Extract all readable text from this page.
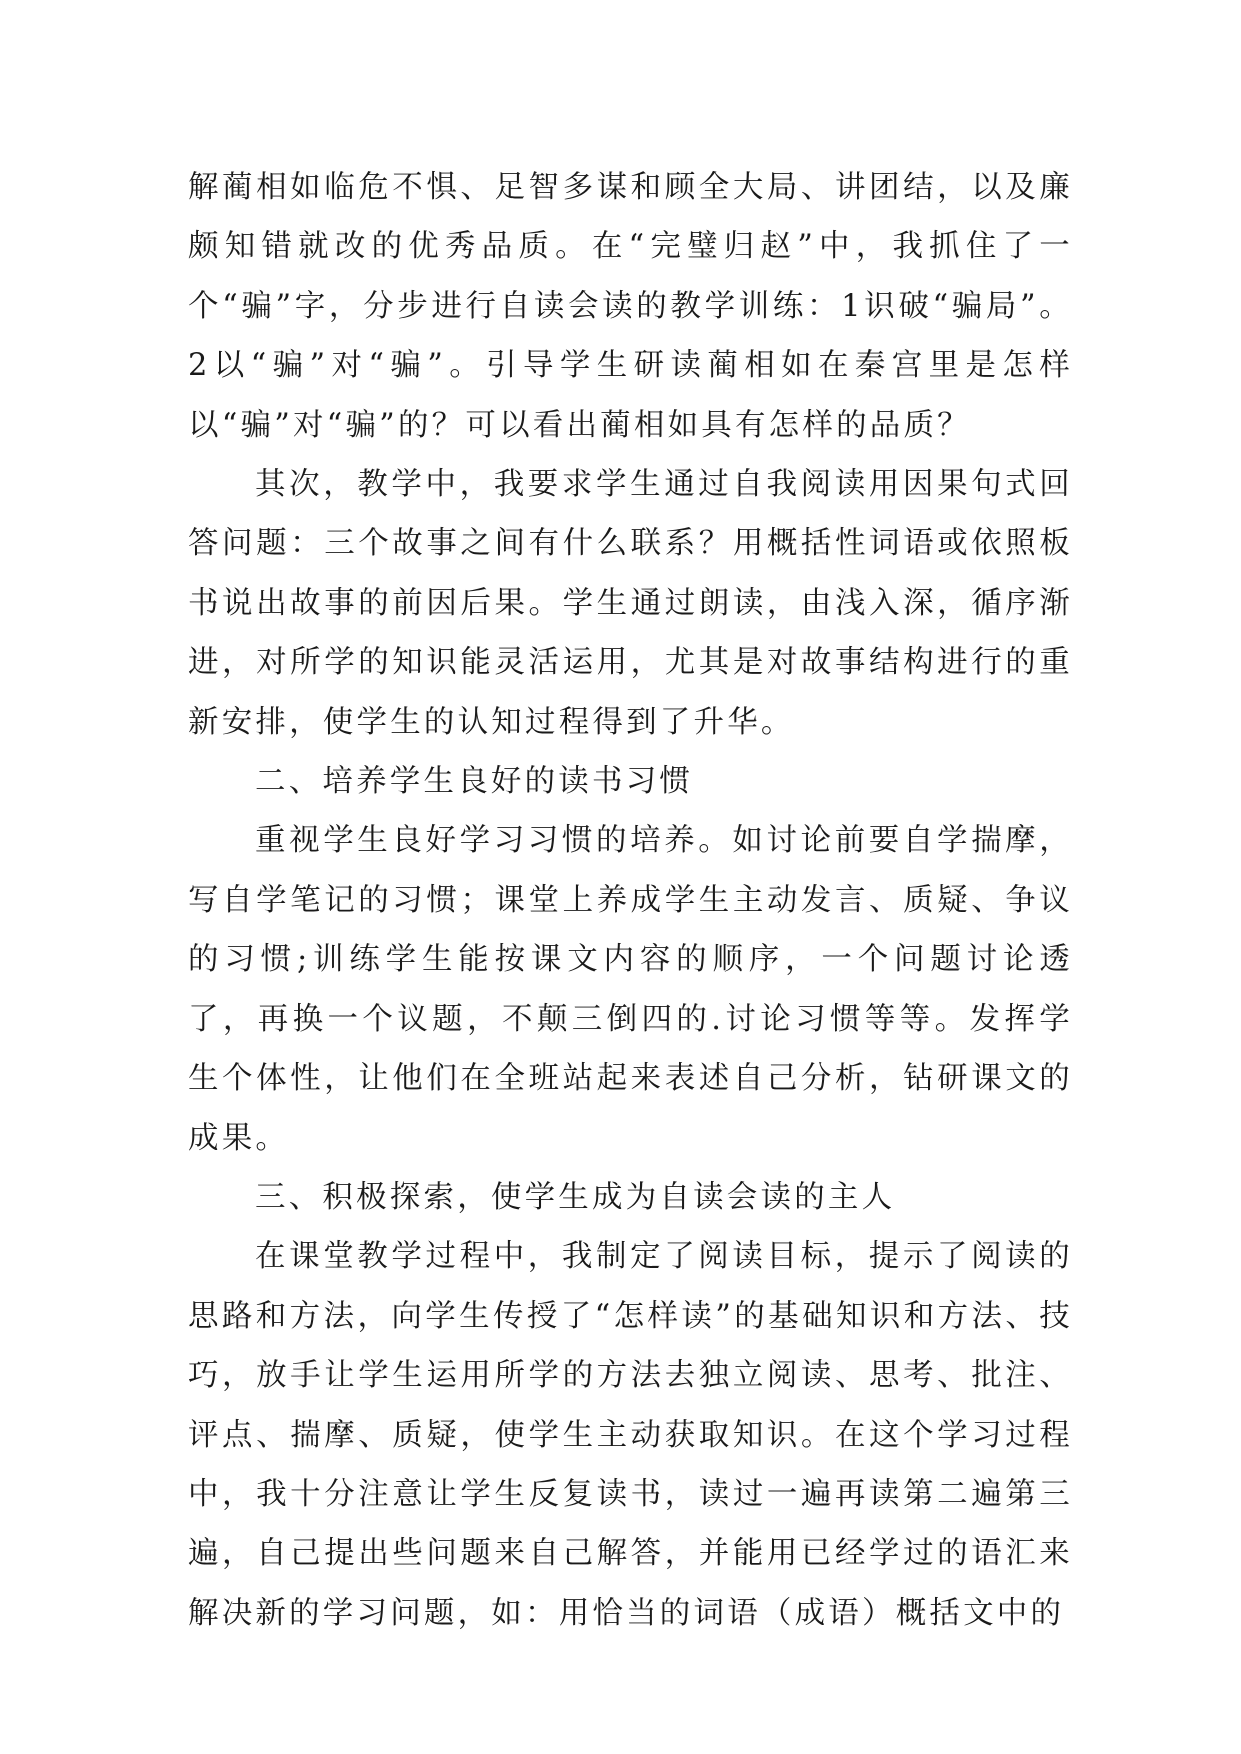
解蔺相如临危不惧、足智多谋和顾全大局、讲团结，以及廉颇知错就改的优秀品质。在“完璧归赵”中，我抓住了一个“骗”字，分步进行自读会读的教学训练：1识破“骗局”。2以“骗”对“骗”。引导学生研读蔺相如在秦宫里是怎样以“骗”对“骗”的？可以看出蔺相如具有怎样的品质？

其次，教学中，我要求学生通过自我阅读用因果句式回答问题：三个故事之间有什么联系？用概括性词语或依照板书说出故事的前因后果。学生通过朗读，由浅入深，循序渐进，对所学的知识能灵活运用，尤其是对故事结构进行的重新安排，使学生的认知过程得到了升华。

二、培养学生良好的读书习惯

重视学生良好学习习惯的培养。如讨论前要自学揣摩，写自学笔记的习惯；课堂上养成学生主动发言、质疑、争议的习惯;训练学生能按课文内容的顺序，一个问题讨论透了，再换一个议题，不颠三倒四的.讨论习惯等等。发挥学生个体性，让他们在全班站起来表述自己分析，钻研课文的成果。

三、积极探索，使学生成为自读会读的主人

在课堂教学过程中，我制定了阅读目标，提示了阅读的思路和方法，向学生传授了“怎样读”的基础知识和方法、技巧，放手让学生运用所学的方法去独立阅读、思考、批注、评点、揣摩、质疑，使学生主动获取知识。在这个学习过程中，我十分注意让学生反复读书，读过一遍再读第二遍第三遍，自己提出些问题来自己解答，并能用已经学过的语汇来解决新的学习问题，如：用恰当的词语（成语）概括文中的
